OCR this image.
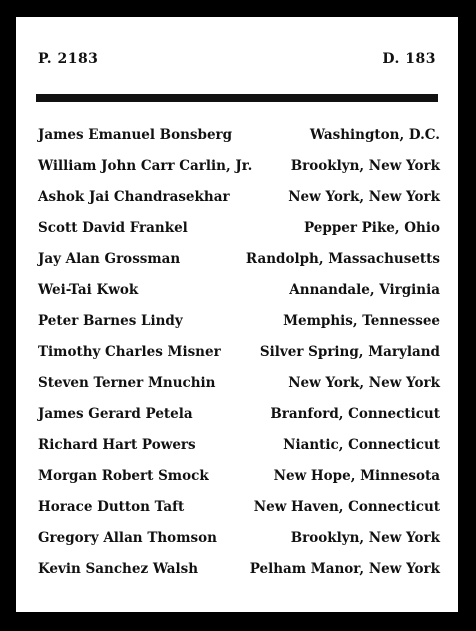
P. 2183	D. 183
James Emanuel Bonsberg	Washington, D.C.
William John Carr Carlin, Jr.	Brooklyn, New York
Ashok Jai Chandrasekhar	New York, New York
Scott David Frankel	Pepper Pike, Ohio
Jay Alan Grossman	Randolph, Massachusetts
Wei-Tai Kwok	Annandale, Virginia
Peter Barnes Lindy	Memphis, Tennessee
Timothy Charles Misner	Silver Spring, Maryland
Steven Terner Mnuchin	New York, New York
James Gerard Petela	Branford, Connecticut
Richard Hart Powers	Niantic, Connecticut
Morgan Robert Smock	New Hope, Minnesota
Horace Dutton Taft	New Haven, Connecticut
Gregory Allan Thomson	Brooklyn, New York
Kevin Sanchez Walsh	Pelham Manor, New York
